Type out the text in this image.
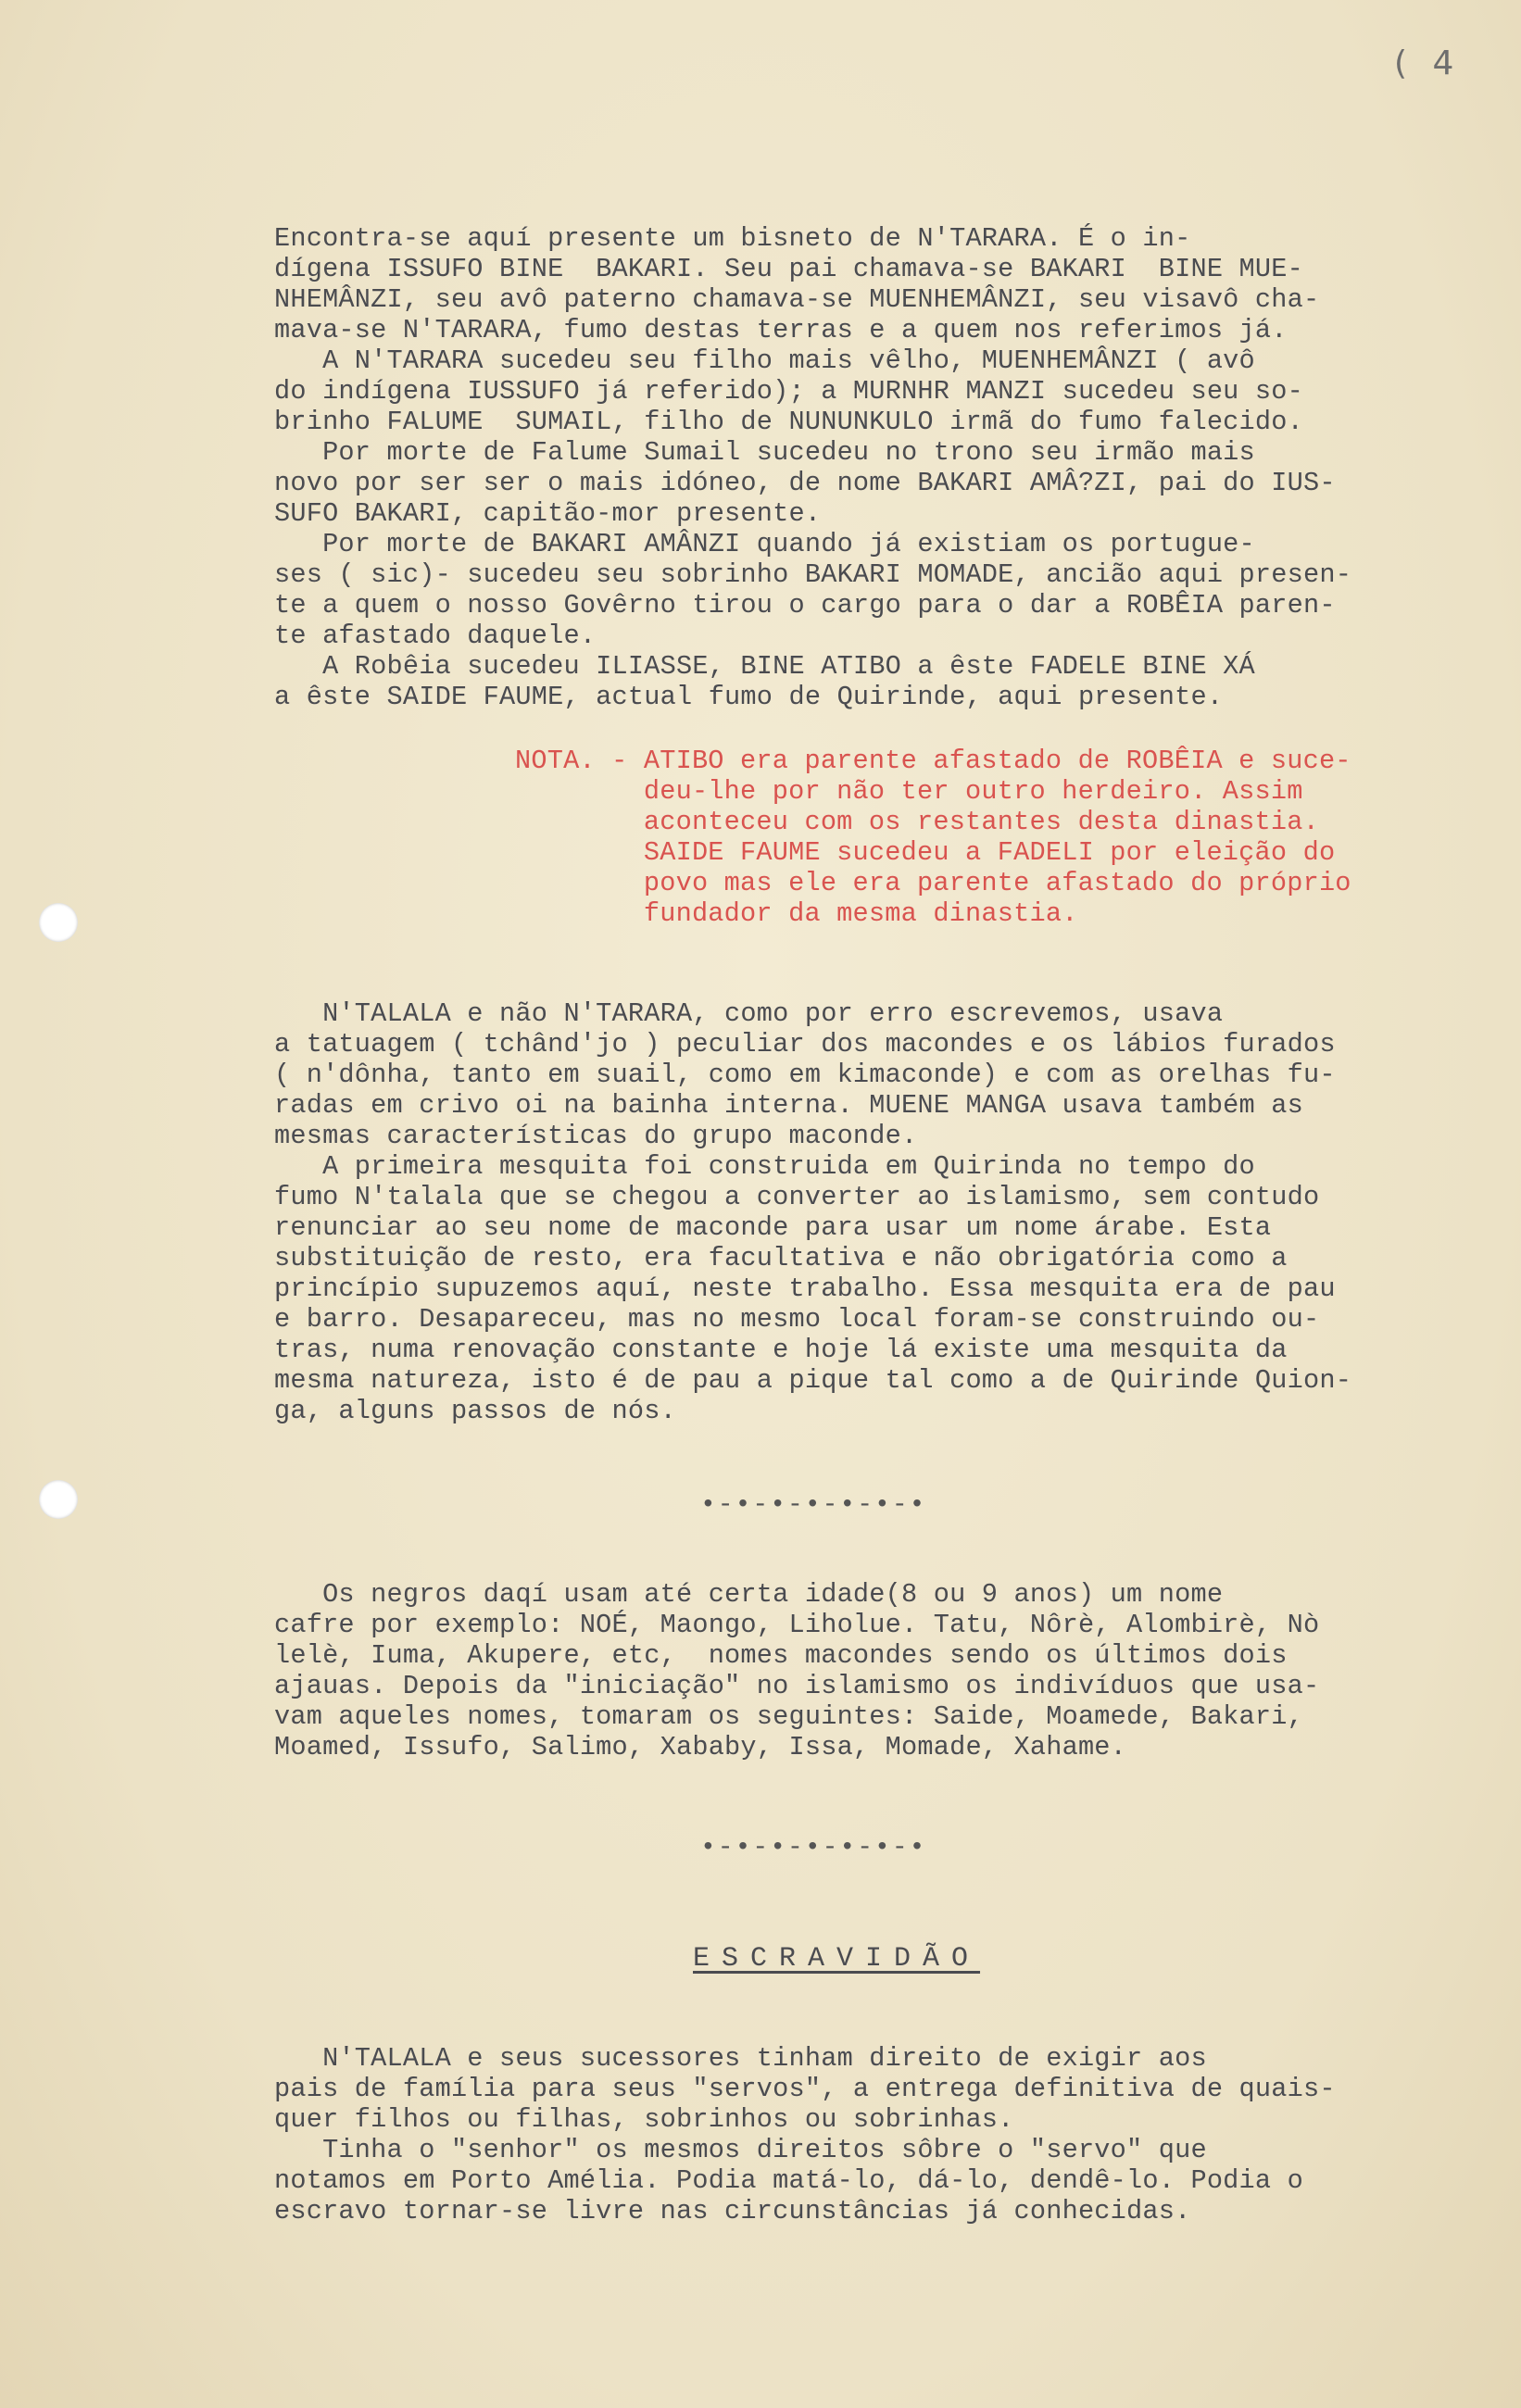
( 4
Encontra-se aquí presente um bisneto de N'TARARA. É o in-
dígena ISSUFO BINE  BAKARI. Seu pai chamava-se BAKARI  BINE MUE-
NHEMÂNZI, seu avô paterno chamava-se MUENHEMÂNZI, seu visavô cha-
mava-se N'TARARA, fumo destas terras e a quem nos referimos já.
A N'TARARA sucedeu seu filho mais vêlho, MUENHEMÂNZI ( avô
do indígena IUSSUFO já referido); a MURNHR MANZI sucedeu seu so-
brinho FALUME  SUMAIL, filho de NUNUNKULO irmã do fumo falecido.
Por morte de Falume Sumail sucedeu no trono seu irmão mais
novo por ser ser o mais idóneo, de nome BAKARI AMÂ?ZI, pai do IUS-
SUFO BAKARI, capitão-mor presente.
Por morte de BAKARI AMÂNZI quando já existiam os portugue-
ses ( sic)- sucedeu seu sobrinho BAKARI MOMADE, ancião aqui presen-
te a quem o nosso Govêrno tirou o cargo para o dar a ROBÊIA paren-
te afastado daquele.
A Robêia sucedeu ILIASSE, BINE ATIBO a êste FADELE BINE XÁ
a êste SAIDE FAUME, actual fumo de Quirinde, aqui presente.
NOTA. - ATIBO era parente afastado de ROBÊIA e suce-
deu-lhe por não ter outro herdeiro. Assim
aconteceu com os restantes desta dinastia.
SAIDE FAUME sucedeu a FADELI por eleição do
povo mas ele era parente afastado do próprio
fundador da mesma dinastia.
N'TALALA e não N'TARARA, como por erro escrevemos, usava
a tatuagem ( tchând'jo ) peculiar dos macondes e os lábios furados
( n'dônha, tanto em suail, como em kimaconde) e com as orelhas fu-
radas em crivo oi na bainha interna. MUENE MANGA usava também as
mesmas características do grupo maconde.
A primeira mesquita foi construida em Quirinda no tempo do
fumo N'talala que se chegou a converter ao islamismo, sem contudo
renunciar ao seu nome de maconde para usar um nome árabe. Esta
substituição de resto, era facultativa e não obrigatória como a
princípio supuzemos aquí, neste trabalho. Essa mesquita era de pau
e barro. Desapareceu, mas no mesmo local foram-se construindo ou-
tras, numa renovação constante e hoje lá existe uma mesquita da
mesma natureza, isto é de pau a pique tal como a de Quirinde Quion-
ga, alguns passos de nós.
•-•-•-•-•-•-•
Os negros daqí usam até certa idade(8 ou 9 anos) um nome
cafre por exemplo: NOÉ, Maongo, Liholue. Tatu, Nôrè, Alombirè, Nò
lelè, Iuma, Akupere, etc,  nomes macondes sendo os últimos dois
ajauas. Depois da "iniciação" no islamismo os indivíduos que usa-
vam aqueles nomes, tomaram os seguintes: Saide, Moamede, Bakari,
Moamed, Issufo, Salimo, Xababy, Issa, Momade, Xahame.
•-•-•-•-•-•-•
ESCRAVIDÃO
N'TALALA e seus sucessores tinham direito de exigir aos
pais de família para seus "servos", a entrega definitiva de quais-
quer filhos ou filhas, sobrinhos ou sobrinhas.
Tinha o "senhor" os mesmos direitos sôbre o "servo" que
notamos em Porto Amélia. Podia matá-lo, dá-lo, dendê-lo. Podia o
escravo tornar-se livre nas circunstâncias já conhecidas.
